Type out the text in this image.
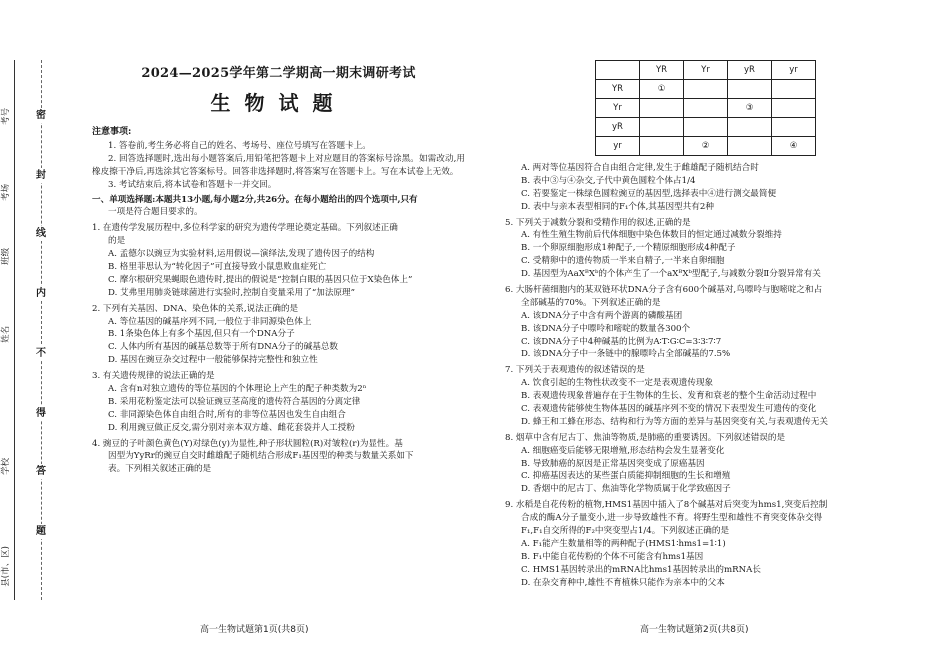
考号
考场
班级
姓名
学校
县(市、区)
密
封
线
内
不
得
答
题
2024—2025学年第二学期高一期末调研考试
生物试题
注意事项:
1. 答卷前,考生务必将自己的姓名、考场号、座位号填写在答题卡上。
2. 回答选择题时,选出每小题答案后,用铅笔把答题卡上对应题目的答案标号涂黑。如需改动,用橡皮擦干净后,再选涂其它答案标号。回答非选择题时,将答案写在答题卡上。写在本试卷上无效。
3. 考试结束后,将本试卷和答题卡一并交回。
一、单项选择题:本题共13小题,每小题2分,共26分。在每小题给出的四个选项中,只有
一项是符合题目要求的。
1. 在遗传学发展历程中,多位科学家的研究为遗传学理论奠定基础。下列叙述正确
的是
A. 孟德尔以豌豆为实验材料,运用假说—演绎法,发现了遗传因子的结构
B. 格里菲思认为“转化因子”可直接导致小鼠患败血症死亡
C. 摩尔根研究果蝇眼色遗传时,提出的假说是“控制白眼的基因只位于X染色体上”
D. 艾弗里用肺炎链球菌进行实验时,控制自变量采用了“加法原理”
2. 下列有关基因、DNA、染色体的关系,说法正确的是
A. 等位基因的碱基序列不同,一般位于非同源染色体上
B. 1条染色体上有多个基因,但只有一个DNA分子
C. 人体内所有基因的碱基总数等于所有DNA分子的碱基总数
D. 基因在豌豆杂交过程中一般能够保持完整性和独立性
3. 有关遗传规律的说法正确的是
A. 含有n对独立遗传的等位基因的个体理论上产生的配子种类数为2ⁿ
B. 采用花粉鉴定法可以验证豌豆茎高度的遗传符合基因的分离定律
C. 非同源染色体自由组合时,所有的非等位基因也发生自由组合
D. 利用豌豆做正反交,需分别对亲本双方雄、雌花套袋并人工授粉
4. 豌豆的子叶颜色黄色(Y)对绿色(y)为显性,种子形状圆粒(R)对皱粒(r)为显性。基
因型为YyRr的豌豆自交时雌雄配子随机结合形成F₁基因型的种类与数量关系如下
表。下列相关叙述正确的是
高一生物试题第1页(共8页)
	YR	Yr	yR	yr
YR	①			
Yr			③	
yR				
yr		②		④
A. 两对等位基因符合自由组合定律,发生于雌雄配子随机结合时
B. 表中③与④杂交,子代中黄色圆粒个体占1/4
C. 若要鉴定一株绿色圆粒豌豆的基因型,选择表中④进行测交最简便
D. 表中与亲本表型相同的F₁个体,其基因型共有2种
5. 下列关于减数分裂和受精作用的叙述,正确的是
A. 有性生殖生物前后代体细胞中染色体数目的恒定通过减数分裂维持
B. 一个卵原细胞形成1种配子,一个精原细胞形成4种配子
C. 受精卵中的遗传物质一半来自精子,一半来自卵细胞
D. 基因型为AaXᴮXᵇ的个体产生了一个aXᴮXᵇ型配子,与减数分裂Ⅱ分裂异常有关
6. 大肠杆菌细胞内的某双链环状DNA分子含有600个碱基对,鸟嘌呤与胞嘧啶之和占
全部碱基的70%。下列叙述正确的是
A. 该DNA分子中含有两个游离的磷酸基团
B. 该DNA分子中嘌呤和嘧啶的数量各300个
C. 该DNA分子中4种碱基的比例为A∶T∶G∶C=3∶3∶7∶7
D. 该DNA分子中一条链中的腺嘌呤占全部碱基的7.5%
7. 下列关于表观遗传的叙述错误的是
A. 饮食引起的生物性状改变不一定是表观遗传现象
B. 表观遗传现象普遍存在于生物体的生长、发育和衰老的整个生命活动过程中
C. 表观遗传能够使生物体基因的碱基序列不变的情况下表型发生可遗传的变化
D. 蜂王和工蜂在形态、结构和行为等方面的差异与基因突变有关,与表观遗传无关
8. 烟草中含有尼古丁、焦油等物质,是肺癌的重要诱因。下列叙述错误的是
A. 细胞癌变后能够无限增殖,形态结构会发生显著变化
B. 导致肺癌的原因是正常基因突变成了原癌基因
C. 抑癌基因表达的某些蛋白质能抑制细胞的生长和增殖
D. 香烟中的尼古丁、焦油等化学物质属于化学致癌因子
9. 水稻是自花传粉的植物,HMS1基因中插入了8个碱基对后突变为hms1,突变后控制
合成的酶A分子量变小,进一步导致雄性不育。将野生型和雄性不育突变体杂交得
F₁,F₁自交所得的F₂中突变型占1/4。下列叙述正确的是
A. F₁能产生数量相等的两种配子(HMS1∶hms1=1∶1)
B. F₁中能自花传粉的个体不可能含有hms1基因
C. HMS1基因转录出的mRNA比hms1基因转录出的mRNA长
D. 在杂交育种中,雄性不育植株只能作为亲本中的父本
高一生物试题第2页(共8页)
